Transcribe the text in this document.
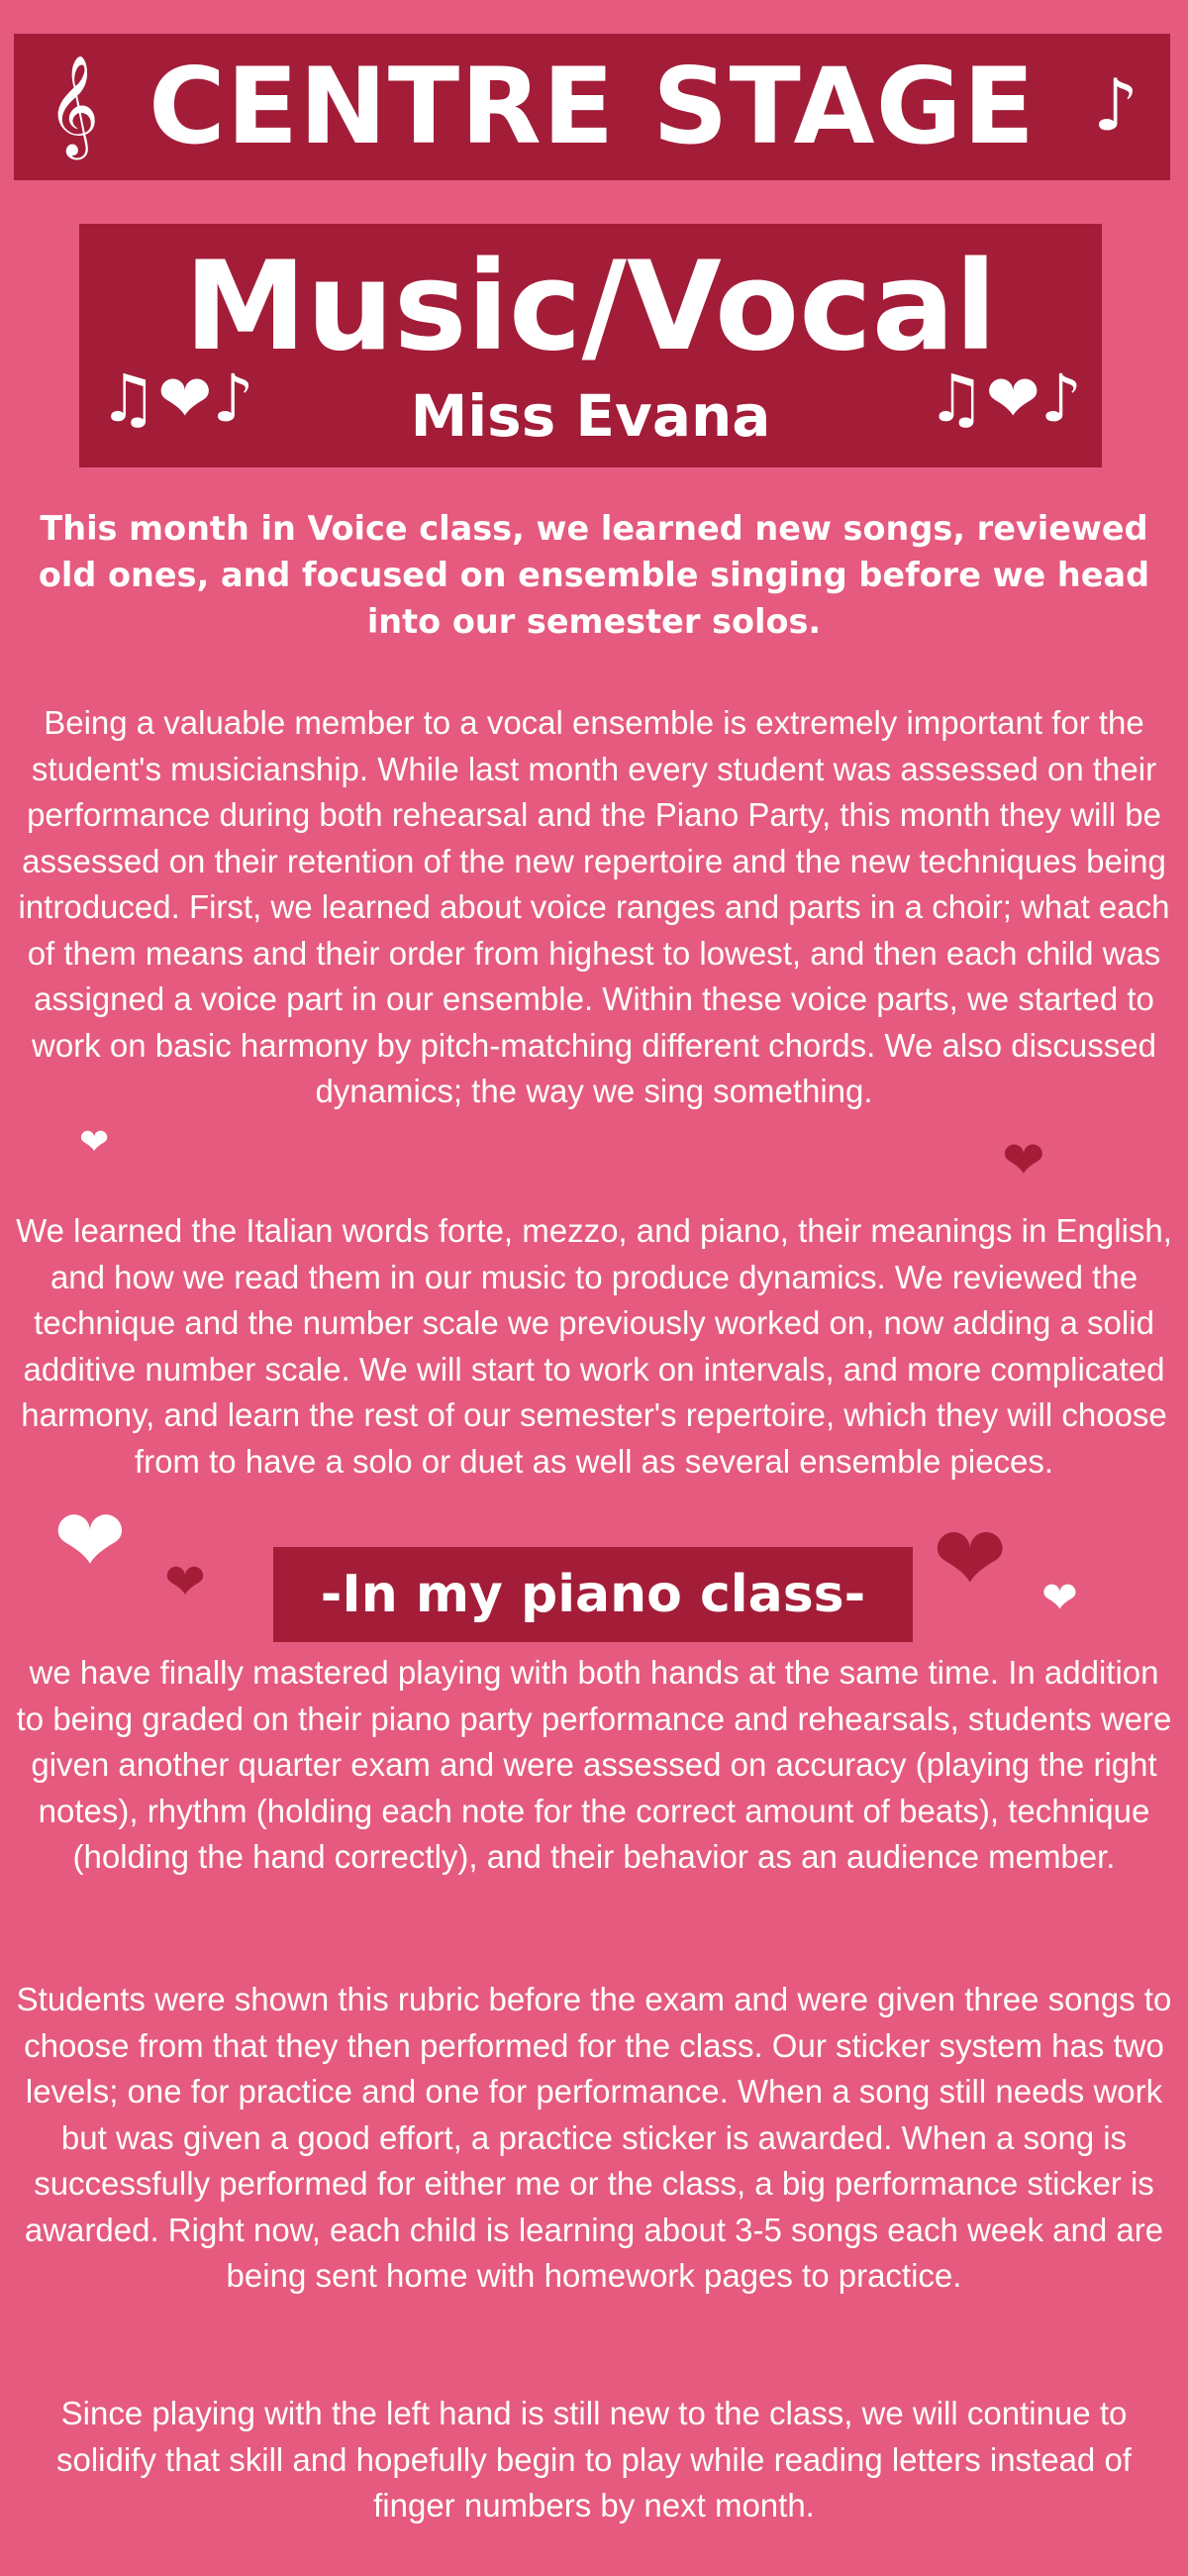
𝄞 CENTRE STAGE ♪
Music/Vocal
Miss Evana
♫❤♪	♫❤♪
This month in Voice class, we learned new songs, reviewed old ones, and focused on ensemble singing before we head into our semester solos.
Being a valuable member to a vocal ensemble is extremely important for the student's musicianship. While last month every student was assessed on their performance during both rehearsal and the Piano Party, this month they will be assessed on their retention of the new repertoire and the new techniques being introduced. First, we learned about voice ranges and parts in a choir; what each of them means and their order from highest to lowest, and then each child was assigned a voice part in our ensemble. Within these voice parts, we started to work on basic harmony by pitch-matching different chords. We also discussed dynamics; the way we sing something.
❤	❤
We learned the Italian words forte, mezzo, and piano, their meanings in English, and how we read them in our music to produce dynamics. We reviewed the technique and the number scale we previously worked on, now adding a solid additive number scale. We will start to work on intervals, and more complicated harmony, and learn the rest of our semester's repertoire, which they will choose from to have a solo or duet as well as several ensemble pieces.
❤ ❤	❤ ❤
-In my piano class-
we have finally mastered playing with both hands at the same time. In addition to being graded on their piano party performance and rehearsals, students were given another quarter exam and were assessed on accuracy (playing the right notes), rhythm (holding each note for the correct amount of beats), technique (holding the hand correctly), and their behavior as an audience member.
Students were shown this rubric before the exam and were given three songs to choose from that they then performed for the class. Our sticker system has two levels; one for practice and one for performance. When a song still needs work but was given a good effort, a practice sticker is awarded. When a song is successfully performed for either me or the class, a big performance sticker is awarded. Right now, each child is learning about 3-5 songs each week and are being sent home with homework pages to practice.
Since playing with the left hand is still new to the class, we will continue to solidify that skill and hopefully begin to play while reading letters instead of finger numbers by next month.
